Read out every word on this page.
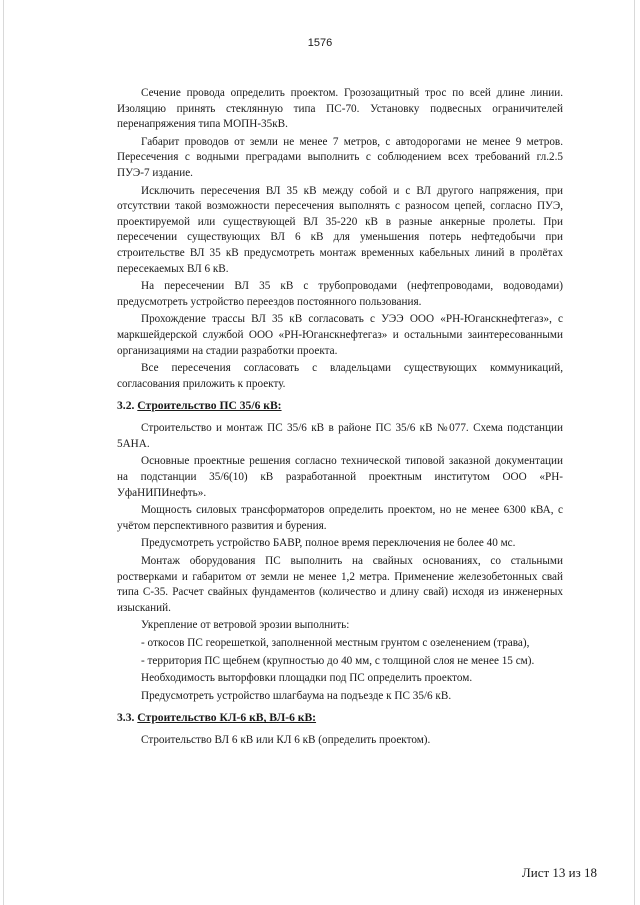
1576

Сечение провода определить проектом. Грозозащитный трос по всей длине линии. Изоляцию принять стеклянную типа ПС-70. Установку подвесных ограничителей перенапряжения типа МОПН-35кВ.

Габарит проводов от земли не менее 7 метров, с автодорогами не менее 9 метров. Пересечения с водными преградами выполнить с соблюдением всех требований гл.2.5 ПУЭ-7 издание.

Исключить пересечения ВЛ 35 кВ между собой и с ВЛ другого напряжения, при отсутствии такой возможности пересечения выполнять с разносом цепей, согласно ПУЭ, проектируемой или существующей ВЛ 35-220 кВ в разные анкерные пролеты. При пересечении существующих ВЛ 6 кВ для уменьшения потерь нефтедобычи при строительстве ВЛ 35 кВ предусмотреть монтаж временных кабельных линий в пролётах пересекаемых ВЛ 6 кВ.

На пересечении ВЛ 35 кВ с трубопроводами (нефтепроводами, водоводами) предусмотреть устройство переездов постоянного пользования.

Прохождение трассы ВЛ 35 кВ согласовать с УЭЭ ООО «РН-Юганскнефтегаз», с маркшейдерской службой ООО «РН-Юганскнефтегаз» и остальными заинтересованными организациями на стадии разработки проекта.

Все пересечения согласовать с владельцами существующих коммуникаций, согласования приложить к проекту.

3.2. Строительство ПС 35/6 кВ:

Строительство и монтаж ПС 35/6 кВ в районе ПС 35/6 кВ №077. Схема подстанции 5АНА.

Основные проектные решения согласно технической типовой заказной документации на подстанции 35/6(10) кВ разработанной проектным институтом ООО «РН-УфаНИПИнефть».

Мощность силовых трансформаторов определить проектом, но не менее 6300 кВА, с учётом перспективного развития и бурения.

Предусмотреть устройство БАВР, полное время переключения не более 40 мс.

Монтаж оборудования ПС выполнить на свайных основаниях, со стальными ростверками и габаритом от земли не менее 1,2 метра. Применение железобетонных свай типа С-35. Расчет свайных фундаментов (количество и длину свай) исходя из инженерных изысканий.

Укрепление от ветровой эрозии выполнить:

- откосов ПС георешеткой, заполненной местным грунтом с озеленением (трава),

- территория ПС щебнем (крупностью до 40 мм, с толщиной слоя не менее 15 см).

Необходимость выторфовки площадки под ПС определить проектом.

Предусмотреть устройство шлагбаума на подъезде к ПС 35/6 кВ.

3.3. Строительство КЛ-6 кВ, ВЛ-6 кВ:

Строительство ВЛ 6 кВ или КЛ 6 кВ (определить проектом).

Лист 13 из 18
